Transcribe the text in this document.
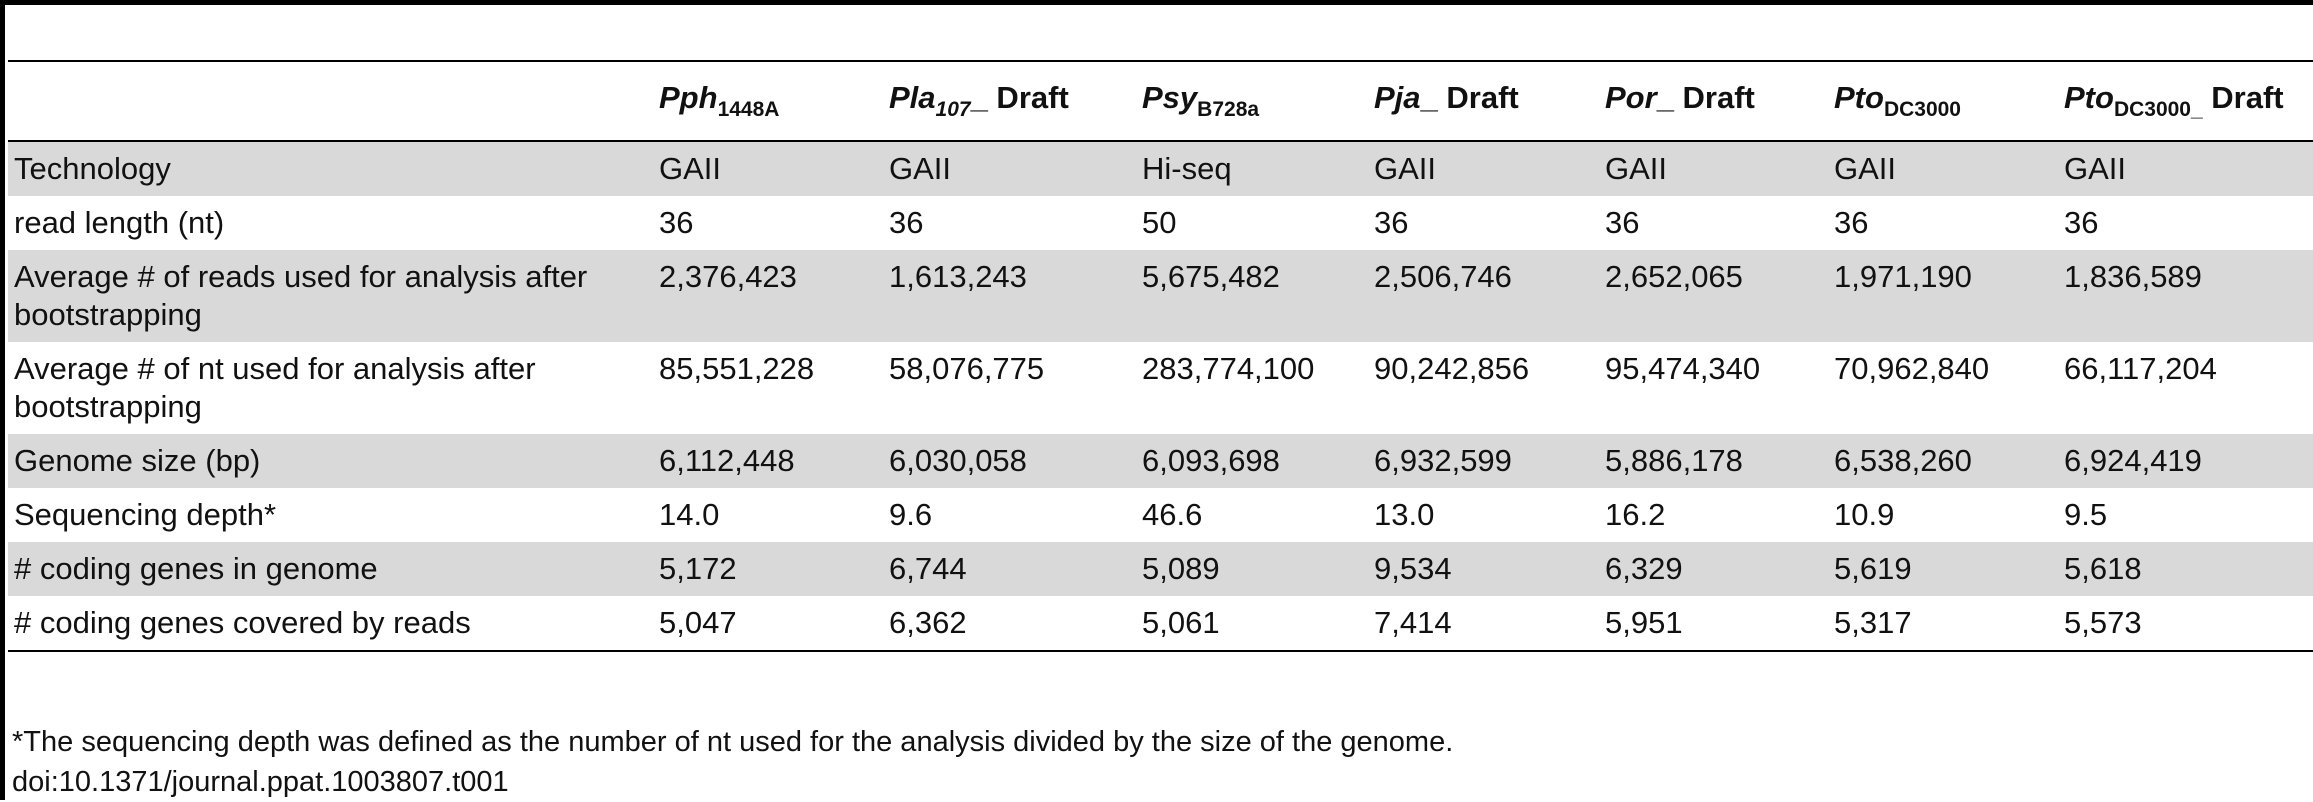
	Pph$_{1448A}$	Pla$_{107}$_ Draft	Psy$_{B728a}$	Pja_ Draft	Por_ Draft	Pto$_{DC3000}$	Pto$_{DC3000\_}$ Draft
Technology	GAII	GAII	Hi-seq	GAII	GAII	GAII	GAII
read length (nt)	36	36	50	36	36	36	36
Average # of reads used for analysis after bootstrapping	2,376,423	1,613,243	5,675,482	2,506,746	2,652,065	1,971,190	1,836,589
Average # of nt used for analysis after bootstrapping	85,551,228	58,076,775	283,774,100	90,242,856	95,474,340	70,962,840	66,117,204
Genome size (bp)	6,112,448	6,030,058	6,093,698	6,932,599	5,886,178	6,538,260	6,924,419
Sequencing depth*	14.0	9.6	46.6	13.0	16.2	10.9	9.5
# coding genes in genome	5,172	6,744	5,089	9,534	6,329	5,619	5,618
# coding genes covered by reads	5,047	6,362	5,061	7,414	5,951	5,317	5,573
*The sequencing depth was defined as the number of nt used for the analysis divided by the size of the genome.
doi:10.1371/journal.ppat.1003807.t001
